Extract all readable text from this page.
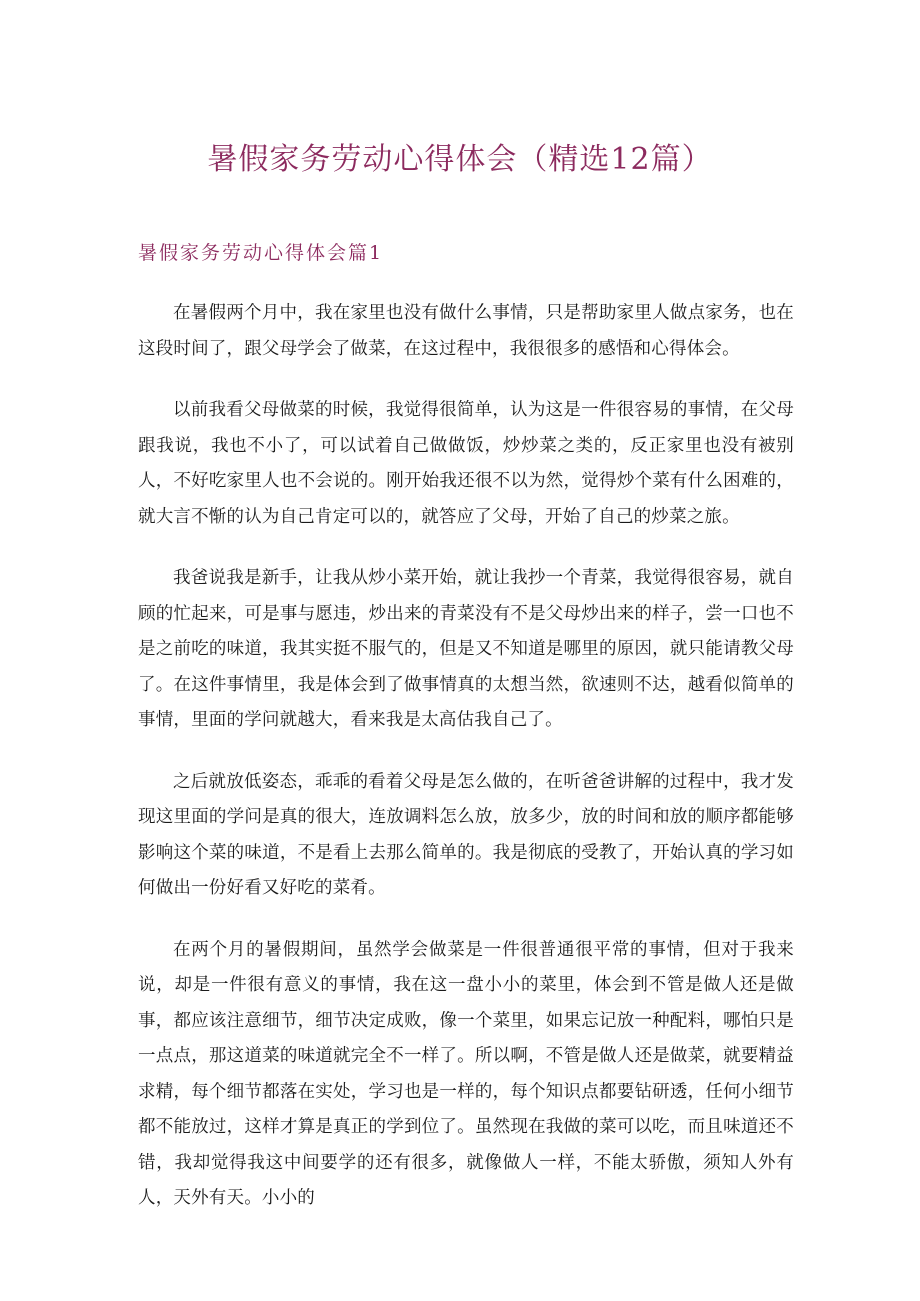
暑假家务劳动心得体会（精选12篇）
暑假家务劳动心得体会篇1

在暑假两个月中，我在家里也没有做什么事情，只是帮助家里人做点家务，也在这段时间了，跟父母学会了做菜，在这过程中，我很很多的感悟和心得体会。

以前我看父母做菜的时候，我觉得很简单，认为这是一件很容易的事情，在父母跟我说，我也不小了，可以试着自己做做饭，炒炒菜之类的，反正家里也没有被别人，不好吃家里人也不会说的。刚开始我还很不以为然，觉得炒个菜有什么困难的，就大言不惭的认为自己肯定可以的，就答应了父母，开始了自己的炒菜之旅。

我爸说我是新手，让我从炒小菜开始，就让我抄一个青菜，我觉得很容易，就自顾的忙起来，可是事与愿违，炒出来的青菜没有不是父母炒出来的样子，尝一口也不是之前吃的味道，我其实挺不服气的，但是又不知道是哪里的原因，就只能请教父母了。在这件事情里，我是体会到了做事情真的太想当然，欲速则不达，越看似简单的事情，里面的学问就越大，看来我是太高估我自己了。

之后就放低姿态，乖乖的看着父母是怎么做的，在听爸爸讲解的过程中，我才发现这里面的学问是真的很大，连放调料怎么放，放多少，放的时间和放的顺序都能够影响这个菜的味道，不是看上去那么简单的。我是彻底的受教了，开始认真的学习如何做出一份好看又好吃的菜肴。

在两个月的暑假期间，虽然学会做菜是一件很普通很平常的事情，但对于我来说，却是一件很有意义的事情，我在这一盘小小的菜里，体会到不管是做人还是做事，都应该注意细节，细节决定成败，像一个菜里，如果忘记放一种配料，哪怕只是一点点，那这道菜的味道就完全不一样了。所以啊，不管是做人还是做菜，就要精益求精，每个细节都落在实处，学习也是一样的，每个知识点都要钻研透，任何小细节都不能放过，这样才算是真正的学到位了。虽然现在我做的菜可以吃，而且味道还不错，我却觉得我这中间要学的还有很多，就像做人一样，不能太骄傲，须知人外有人，天外有天。小小的
